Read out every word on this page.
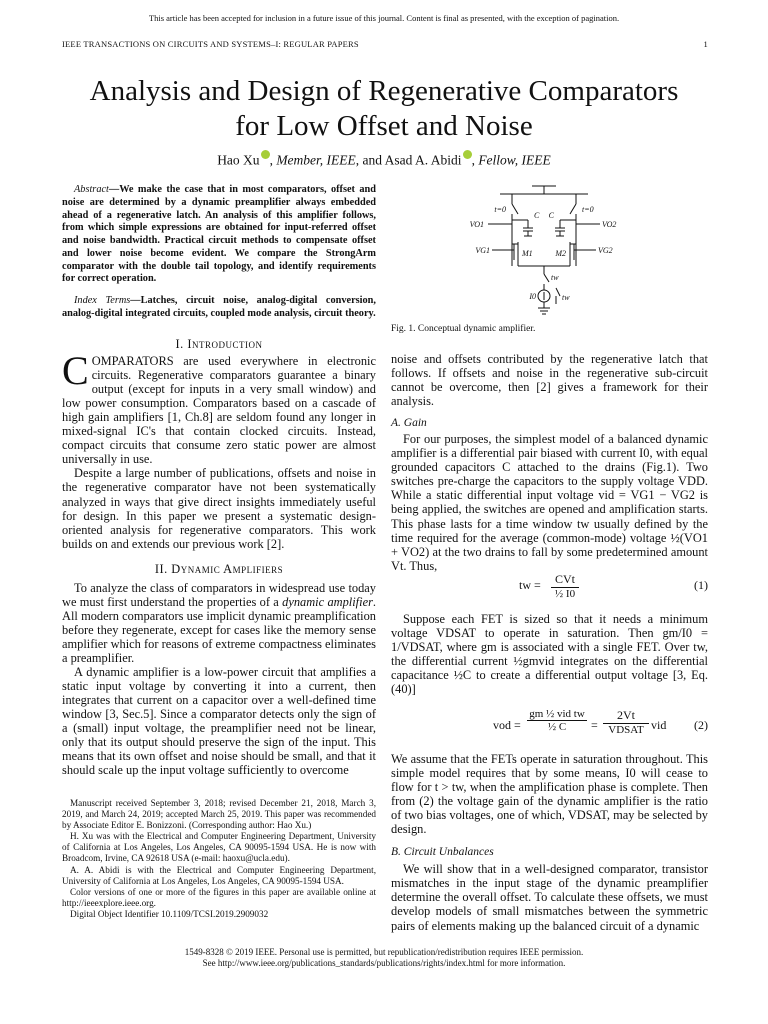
This article has been accepted for inclusion in a future issue of this journal. Content is final as presented, with the exception of pagination.
IEEE TRANSACTIONS ON CIRCUITS AND SYSTEMS–I: REGULAR PAPERS	1
Analysis and Design of Regenerative Comparators
for Low Offset and Noise
Hao Xu , Member, IEEE, and Asad A. Abidi , Fellow, IEEE

Abstract—We make the case that in most comparators, offset and noise are determined by a dynamic preamplifier always embedded ahead of a regenerative latch. An analysis of this amplifier follows, from which simple expressions are obtained for input-referred offset and noise bandwidth. Practical circuit methods to compensate offset and lower noise become evident. We compare the StrongArm comparator with the double tail topology, and identify requirements for correct operation.

Index Terms—Latches, circuit noise, analog-digital conversion, analog-digital integrated circuits, coupled mode analysis, circuit theory.

I. Introduction

COMPARATORS are used everywhere in electronic circuits. Regenerative comparators guarantee a binary output (except for inputs in a very small window) and low power consumption. Comparators based on a cascade of high gain amplifiers [1, Ch.8] are seldom found any longer in mixed-signal IC's that contain clocked circuits. Instead, compact circuits that consume zero static power are almost universally in use.

Despite a large number of publications, offsets and noise in the regenerative comparator have not been systematically analyzed in ways that give direct insights immediately useful for design. In this paper we present a systematic design-oriented analysis for regenerative comparators. This work builds on and extends our previous work [2].

II. Dynamic Amplifiers

To analyze the class of comparators in widespread use today we must first understand the properties of a dynamic amplifier. All modern comparators use implicit dynamic preamplification before they regenerate, except for cases like the memory sense amplifier which for reasons of extreme compactness eliminates a preamplifier.

A dynamic amplifier is a low-power circuit that amplifies a static input voltage by converting it into a current, then integrates that current on a capacitor over a well-defined time window [3, Sec.5]. Since a comparator detects only the sign of a (small) input voltage, the preamplifier need not be linear, only that its output should preserve the sign of the input. This means that its own offset and noise should be small, and that it should scale up the input voltage sufficiently to overcome

Manuscript received September 3, 2018; revised December 21, 2018, March 3, 2019, and March 24, 2019; accepted March 25, 2019. This paper was recommended by Associate Editor E. Bonizzoni. (Corresponding author: Hao Xu.)

H. Xu was with the Electrical and Computer Engineering Department, University of California at Los Angeles, Los Angeles, CA 90095-1594 USA. He is now with Broadcom, Irvine, CA 92618 USA (e-mail: haoxu@ucla.edu).

A. A. Abidi is with the Electrical and Computer Engineering Department, University of California at Los Angeles, Los Angeles, CA 90095-1594 USA.

Color versions of one or more of the figures in this paper are available online at http://ieeexplore.ieee.org.

Digital Object Identifier 10.1109/TCSI.2019.2909032

t=0	t=0
C C
VO1	VO2
VG1	VG2
M1	M2
tw
I0	tw
Fig. 1. Conceptual dynamic amplifier.

noise and offsets contributed by the regenerative latch that follows. If offsets and noise in the regenerative sub-circuit cannot be overcome, then [2] gives a framework for their analysis.

A. Gain

For our purposes, the simplest model of a balanced dynamic amplifier is a differential pair biased with current I0, with equal grounded capacitors C attached to the drains (Fig.1). Two switches pre-charge the capacitors to the supply voltage VDD. While a static differential input voltage vid = VG1 − VG2 is being applied, the switches are opened and amplification starts. This phase lasts for a time window tw usually defined by the time required for the average (common-mode) voltage ½(VO1 + VO2) at the two drains to fall by some predetermined amount Vt. Thus,

tw =	CVt
½ I0
(1)

Suppose each FET is sized so that it needs a minimum voltage VDSAT to operate in saturation. Then gm/I0 = 1/VDSAT, where gm is associated with a single FET. Over tw, the differential current ½gmvid integrates on the differential capacitance ½C to create a differential output voltage [3, Eq. (40)]

vod =
gm ½ vid tw
½ C	=
2Vt
VDSAT vid (2)

We assume that the FETs operate in saturation throughout. This simple model requires that by some means, I0 will cease to flow for t > tw, when the amplification phase is complete. Then from (2) the voltage gain of the dynamic amplifier is the ratio of two bias voltages, one of which, VDSAT, may be selected by design.

B. Circuit Unbalances

We will show that in a well-designed comparator, transistor mismatches in the input stage of the dynamic preamplifier determine the overall offset. To calculate these offsets, we must develop models of small mismatches between the symmetric pairs of elements making up the balanced circuit of a dynamic

1549-8328 © 2019 IEEE. Personal use is permitted, but republication/redistribution requires IEEE permission.
See http://www.ieee.org/publications_standards/publications/rights/index.html for more information.
